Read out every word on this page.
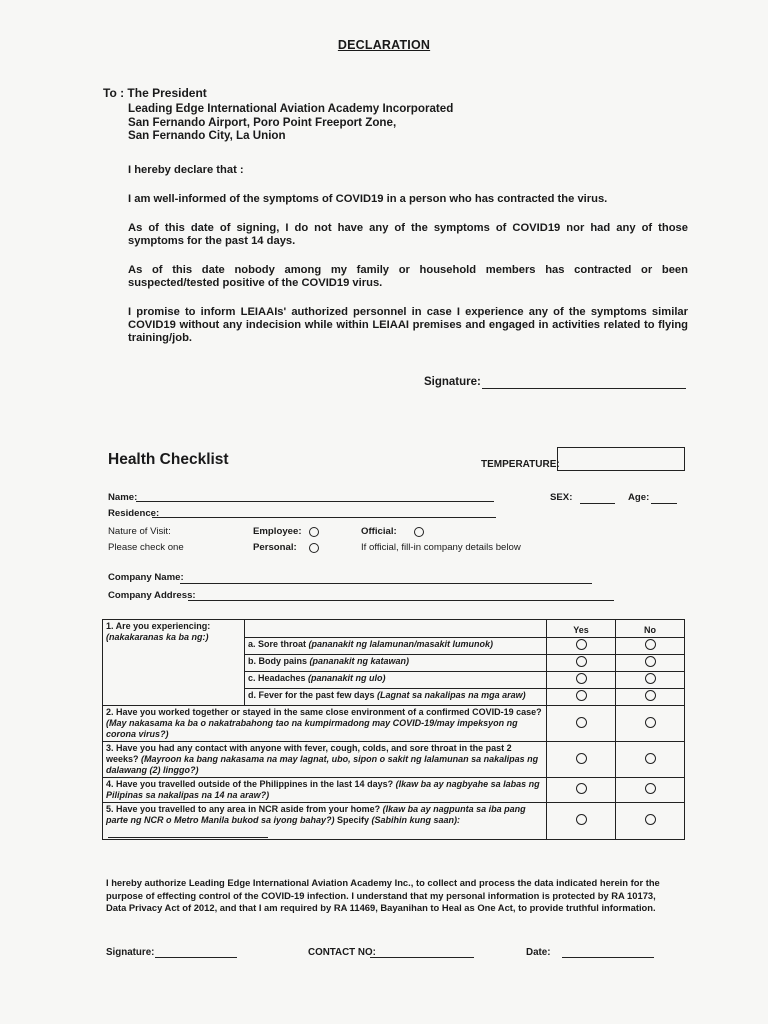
DECLARATION
To : The President
Leading Edge International Aviation Academy Incorporated
San Fernando Airport, Poro Point Freeport Zone,
San Fernando City, La Union
I hereby declare that :
I am well-informed of the symptoms of COVID19 in a person who has contracted the virus.
As of this date of signing, I do not have any of the symptoms of COVID19 nor had any of those symptoms for the past 14 days.
As of this date nobody among my family or household members has contracted or been suspected/tested positive of the COVID19 virus.
I promise to inform LEIAAIs' authorized personnel in case I experience any of the symptoms similar COVID19 without any indecision while within LEIAAI premises and engaged in activities related to flying training/job.
Signature:
Health Checklist	TEMPERATURE:
Name:	SEX:	Age:
Residence:
Nature of Visit:
Please check one
Employee:
Personal:
Official:
If official, fill-in company details below
Company Name:
Company Address:
1. Are you experiencing:
(nakakaranas ka ba ng:)		Yes	No
	a. Sore throat (pananakit ng lalamunan/masakit lumunok)		
	b. Body pains (pananakit ng katawan)		
	c. Headaches (pananakit ng ulo)		
	d. Fever for the past few days (Lagnat sa nakalipas na mga araw)		
2. Have you worked together or stayed in the same close environment of a confirmed COVID-19 case? (May nakasama ka ba o nakatrabahong tao na kumpirmadong may COVID-19/may impeksyon ng corona virus?)			
3. Have you had any contact with anyone with fever, cough, colds, and sore throat in the past 2 weeks? (Mayroon ka bang nakasama na may lagnat, ubo, sipon o sakit ng lalamunan sa nakalipas ng dalawang (2) linggo?)			
4. Have you travelled outside of the Philippines in the last 14 days? (Ikaw ba ay nagbyahe sa labas ng Pilipinas sa nakalipas na 14 na araw?)			
5. Have you travelled to any area in NCR aside from your home? (Ikaw ba ay nagpunta sa iba pang parte ng NCR o Metro Manila bukod sa iyong bahay?) Specify (Sabihin kung saan):			
I hereby authorize Leading Edge International Aviation Academy Inc., to collect and process the data indicated herein for the purpose of effecting control of the COVID-19 infection. I understand that my personal information is protected by RA 10173, Data Privacy Act of 2012, and that I am required by RA 11469, Bayanihan to Heal as One Act, to provide truthful information.
Signature:	CONTACT NO:	Date:
